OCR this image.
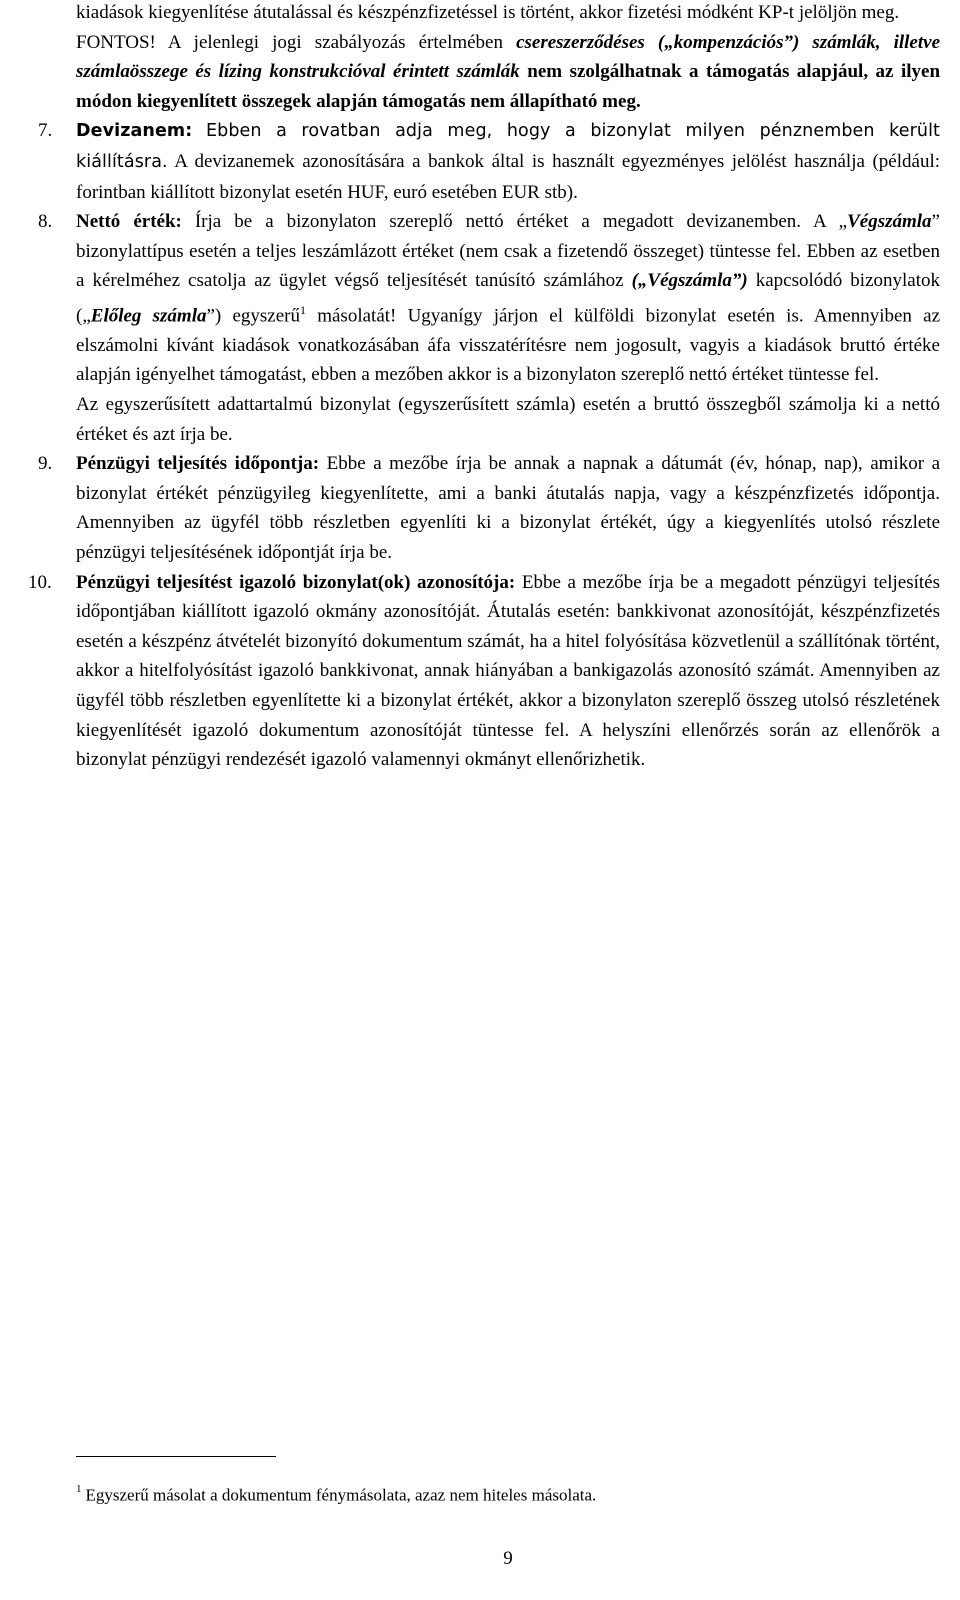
kiadások kiegyenlítése átutalással és készpénzfizetéssel is történt, akkor fizetési módként KP-t jelöljön meg.

FONTOS! A jelenlegi jogi szabályozás értelmében csereszerződéses („kompenzációs”) számlák, illetve számlaösszege és lízing konstrukcióval érintett számlák nem szolgálhatnak a támogatás alapjául, az ilyen módon kiegyenlített összegek alapján támogatás nem állapítható meg.

7. Devizanem: Ebben a rovatban adja meg, hogy a bizonylat milyen pénznemben került kiállításra. A devizanemek azonosítására a bankok által is használt egyezményes jelölést használja (például: forintban kiállított bizonylat esetén HUF, euró esetében EUR stb).

8. Nettó érték: Írja be a bizonylaton szereplő nettó értéket a megadott devizanemben. A „Végszámla” bizonylattípus esetén a teljes leszámlázott értéket (nem csak a fizetendő összeget) tüntesse fel. Ebben az esetben a kérelméhez csatolja az ügylet végső teljesítését tanúsító számlához („Végszámla”) kapcsolódó bizonylatok („Előleg számla”) egyszerű$^1$ másolatát! Ugyanígy járjon el külföldi bizonylat esetén is. Amennyiben az elszámolni kívánt kiadások vonatkozásában áfa visszatérítésre nem jogosult, vagyis a kiadások bruttó értéke alapján igényelhet támogatást, ebben a mezőben akkor is a bizonylaton szereplő nettó értéket tüntesse fel.

Az egyszerűsített adattartalmú bizonylat (egyszerűsített számla) esetén a bruttó összegből számolja ki a nettó értéket és azt írja be.

9. Pénzügyi teljesítés időpontja: Ebbe a mezőbe írja be annak a napnak a dátumát (év, hónap, nap), amikor a bizonylat értékét pénzügyileg kiegyenlítette, ami a banki átutalás napja, vagy a készpénzfizetés időpontja. Amennyiben az ügyfél több részletben egyenlíti ki a bizonylat értékét, úgy a kiegyenlítés utolsó részlete pénzügyi teljesítésének időpontját írja be.

10. Pénzügyi teljesítést igazoló bizonylat(ok) azonosítója: Ebbe a mezőbe írja be a megadott pénzügyi teljesítés időpontjában kiállított igazoló okmány azonosítóját. Átutalás esetén: bankkivonat azonosítóját, készpénzfizetés esetén a készpénz átvételét bizonyító dokumentum számát, ha a hitel folyósítása közvetlenül a szállítónak történt, akkor a hitelfolyósítást igazoló bankkivonat, annak hiányában a bankigazolás azonosító számát. Amennyiben az ügyfél több részletben egyenlítette ki a bizonylat értékét, akkor a bizonylaton szereplő összeg utolsó részletének kiegyenlítését igazoló dokumentum azonosítóját tüntesse fel. A helyszíni ellenőrzés során az ellenőrök a bizonylat pénzügyi rendezését igazoló valamennyi okmányt ellenőrizhetik.

$^1$ Egyszerű másolat a dokumentum fénymásolata, azaz nem hiteles másolata.
9
